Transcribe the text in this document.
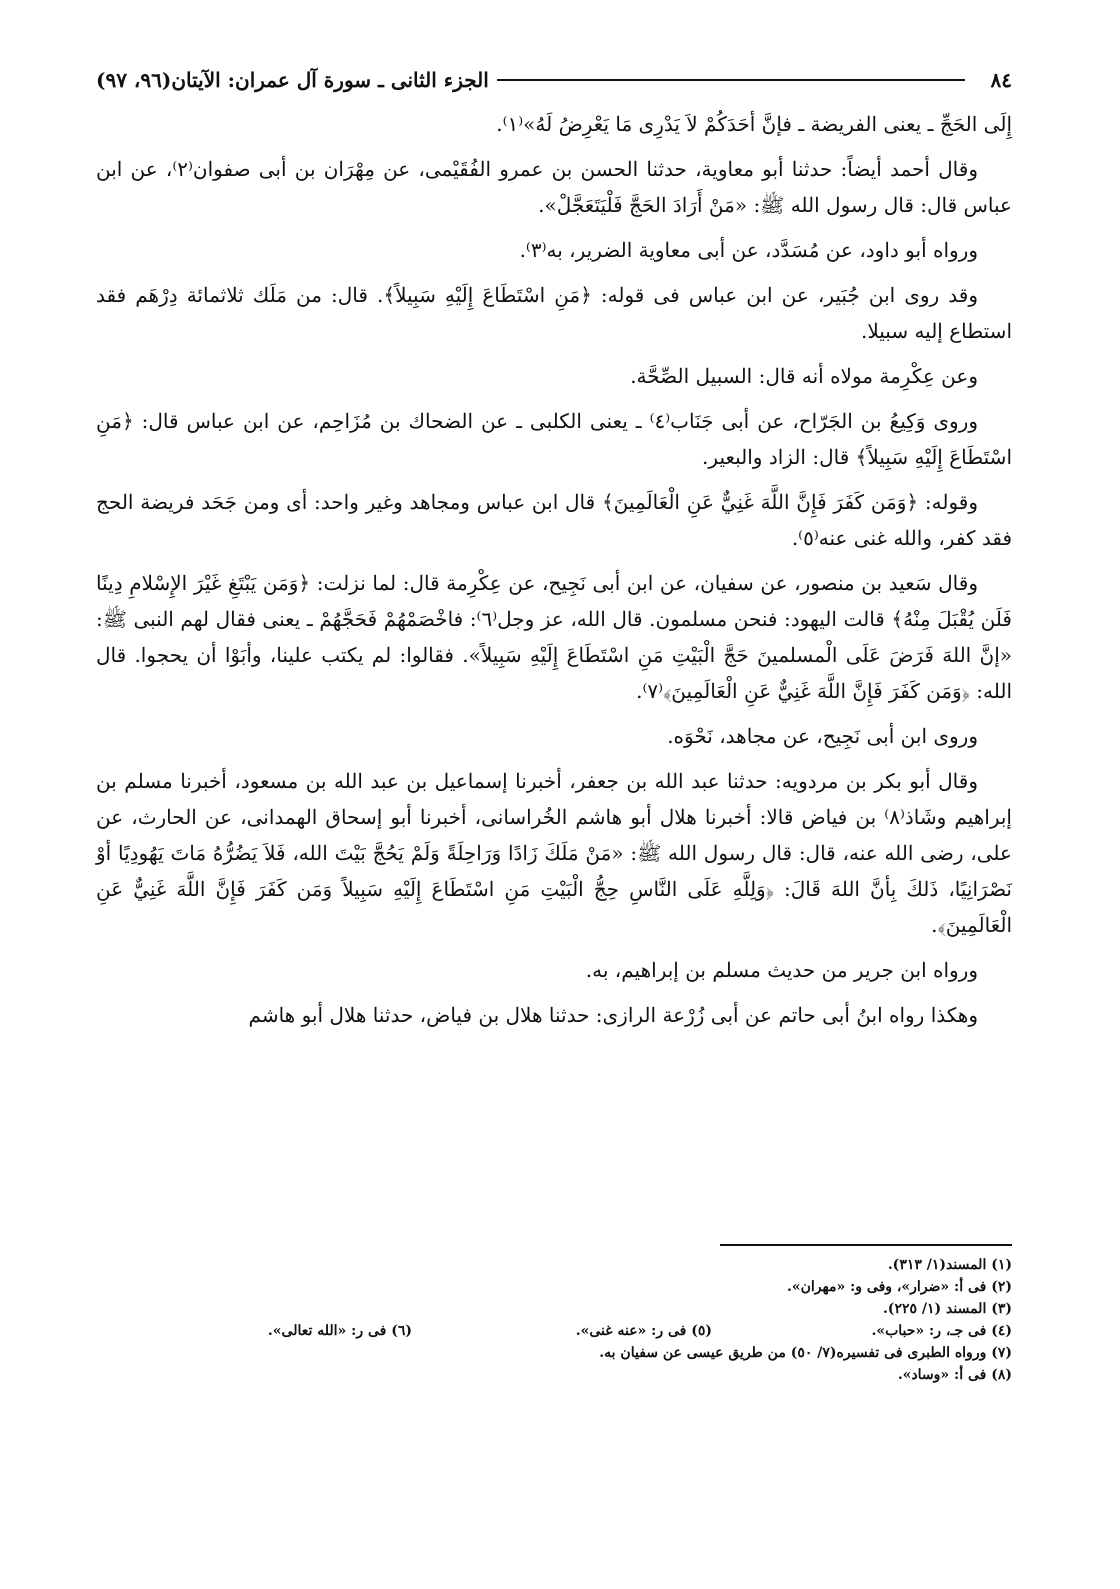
٨٤
الجزء الثانى ـ سورة آل عمران: الآيتان(٩٦، ٩٧)

إِلَى الحَجِّ ـ يعنى الفريضة ـ فإنَّ أحَدَكُمْ لاَ يَدْرِى مَا يَعْرِضُ لَهُ»⁽١⁾.

وقال أحمد أيضاً: حدثنا أبو معاوية، حدثنا الحسن بن عمرو الفُقَيْمى، عن مِهْرَان بن أبى صفوان⁽٢⁾، عن ابن عباس قال: قال رسول الله ﷺ: «مَنْ أَرَادَ الحَجَّ فَلْيَتَعَجَّلْ».

ورواه أبو داود، عن مُسَدَّد، عن أبى معاوية الضرير، به⁽٣⁾.

وقد روى ابن جُبَير، عن ابن عباس فى قوله: ﴿مَنِ اسْتَطَاعَ إِلَيْهِ سَبِيلاً﴾. قال: من مَلَك ثلاثمائة دِرْهَم فقد استطاع إليه سبيلا.

وعن عِكْرِمة مولاه أنه قال: السبيل الصِّحَّة.

وروى وَكِيعُ بن الجَرّاح، عن أبى جَنَاب⁽٤⁾ ـ يعنى الكلبى ـ عن الضحاك بن مُزَاحِم، عن ابن عباس قال: ﴿مَنِ اسْتَطَاعَ إِلَيْهِ سَبِيلاً﴾ قال: الزاد والبعير.

وقوله: ﴿وَمَن كَفَرَ فَإِنَّ اللَّهَ غَنِيٌّ عَنِ الْعَالَمِينَ﴾ قال ابن عباس ومجاهد وغير واحد: أى ومن جَحَد فريضة الحج فقد كفر، والله غنى عنه⁽٥⁾.

وقال سَعيد بن منصور، عن سفيان، عن ابن أبى نَجِيح، عن عِكْرِمة قال: لما نزلت: ﴿وَمَن يَبْتَغِ غَيْرَ الإِسْلامِ دِينًا فَلَن يُقْبَلَ مِنْهُ﴾ قالت اليهود: فنحن مسلمون. قال الله، عز وجل⁽٦⁾: فاخْصَمْهُمْ فَحَجَّهُمْ ـ يعنى فقال لهم النبى ﷺ: «إنَّ اللهَ فَرَضَ عَلَى الْمسلمينَ حَجَّ الْبَيْتِ مَنِ اسْتَطَاعَ إِلَيْهِ سَبِيلاً». فقالوا: لم يكتب علينا، وأبَوْا أن يحجوا. قال الله: ﴿وَمَن كَفَرَ فَإِنَّ اللَّهَ غَنِيٌّ عَنِ الْعَالَمِينَ﴾⁽٧⁾.

وروى ابن أبى نَجِيح، عن مجاهد، نَحْوَه.

وقال أبو بكر بن مردويه: حدثنا عبد الله بن جعفر، أخبرنا إسماعيل بن عبد الله بن مسعود، أخبرنا مسلم بن إبراهيم وشَاذ⁽٨⁾ بن فياض قالا: أخبرنا هلال أبو هاشم الخُراسانى، أخبرنا أبو إسحاق الهمدانى، عن الحارث، عن على، رضى الله عنه، قال: قال رسول الله ﷺ: «مَنْ مَلَكَ زَادًا وَرَاحِلَةً وَلَمْ يَحُجَّ بَيْتَ الله، فَلاَ يَضُرُّهُ مَاتَ يَهُودِيًا أوْ نَصْرَانِيًا، ذَلكَ بِأنَّ اللهَ قَالَ: ﴿وَلِلَّهِ عَلَى النَّاسِ حِجُّ الْبَيْتِ مَنِ اسْتَطَاعَ إِلَيْهِ سَبِيلاً وَمَن كَفَرَ فَإِنَّ اللَّهَ غَنِيٌّ عَنِ الْعَالَمِينَ﴾.

ورواه ابن جرير من حديث مسلم بن إبراهيم، به.

وهكذا رواه ابنُ أبى حاتم عن أبى زُرْعة الرازى: حدثنا هلال بن فياض، حدثنا هلال أبو هاشم

(١) المسند(١/ ٣١٣).
(٢) فى أ: «ضرار»، وفى و: «مهران».
(٣) المسند (١/ ٢٢٥).
(٤) فى جـ، ر: «حباب».
(٥) فى ر: «عنه غنى».
(٦) فى ر: «الله تعالى».
(٧) ورواه الطبرى فى تفسيره(٧/ ٥٠) من طريق عيسى عن سفيان به.
(٨) فى أ: «وساد».
